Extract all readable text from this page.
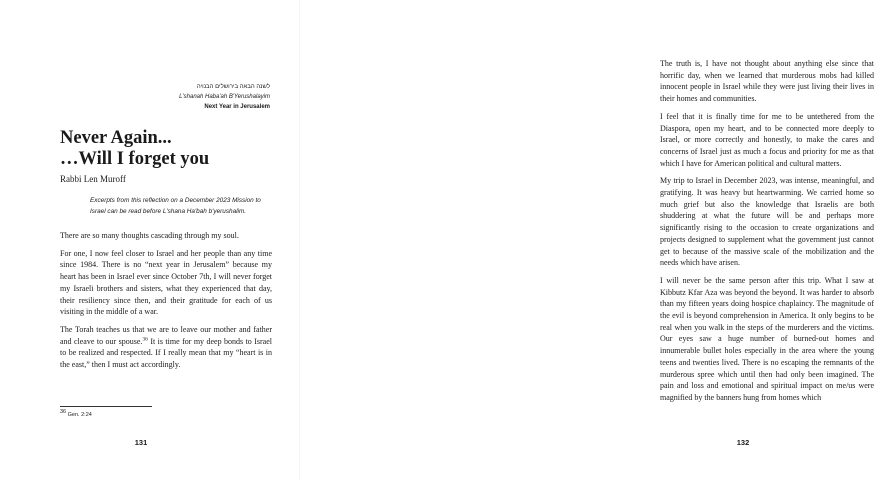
לשנה הבאה בירושלים הבנויה
L'shanah Haba'ah B'Yerushalayim
Next Year in Jerusalem
Never Again...
…Will I forget you
Rabbi Len Muroff
Excerpts from this reflection on a December 2023 Mission to Israel can be read before L'shana Ha'bah b'yerushalim.

There are so many thoughts cascading through my soul.

For one, I now feel closer to Israel and her people than any time since 1984. There is no “next year in Jerusalem” because my heart has been in Israel ever since October 7th, I will never forget my Israeli brothers and sisters, what they experienced that day, their resiliency since then, and their gratitude for each of us visiting in the middle of a war.

The Torah teaches us that we are to leave our mother and father and cleave to our spouse.$^{36}$ It is time for my deep bonds to Israel to be realized and respected. If I really mean that my “heart is in the east,” then I must act accordingly.

$^{36}$ Gen. 2:24
131

The truth is, I have not thought about anything else since that horrific day, when we learned that murderous mobs had killed innocent people in Israel while they were just living their lives in their homes and communities.

I feel that it is finally time for me to be untethered from the Diaspora, open my heart, and to be connected more deeply to Israel, or more correctly and honestly, to make the cares and concerns of Israel just as much a focus and priority for me as that which I have for American political and cultural matters.

My trip to Israel in December 2023, was intense, meaningful, and gratifying. It was heavy but heartwarming. We carried home so much grief but also the knowledge that Israelis are both shuddering at what the future will be and perhaps more significantly rising to the occasion to create organizations and projects designed to supplement what the government just cannot get to because of the massive scale of the mobilization and the needs which have arisen.

I will never be the same person after this trip. What I saw at Kibbutz Kfar Aza was beyond the beyond. It was harder to absorb than my fifteen years doing hospice chaplaincy. The magnitude of the evil is beyond comprehension in America. It only begins to be real when you walk in the steps of the murderers and the victims. Our eyes saw a huge number of burned-out homes and innumerable bullet holes especially in the area where the young teens and twenties lived. There is no escaping the remnants of the murderous spree which until then had only been imagined. The pain and loss and emotional and spiritual impact on me/us were magnified by the banners hung from homes which

132
